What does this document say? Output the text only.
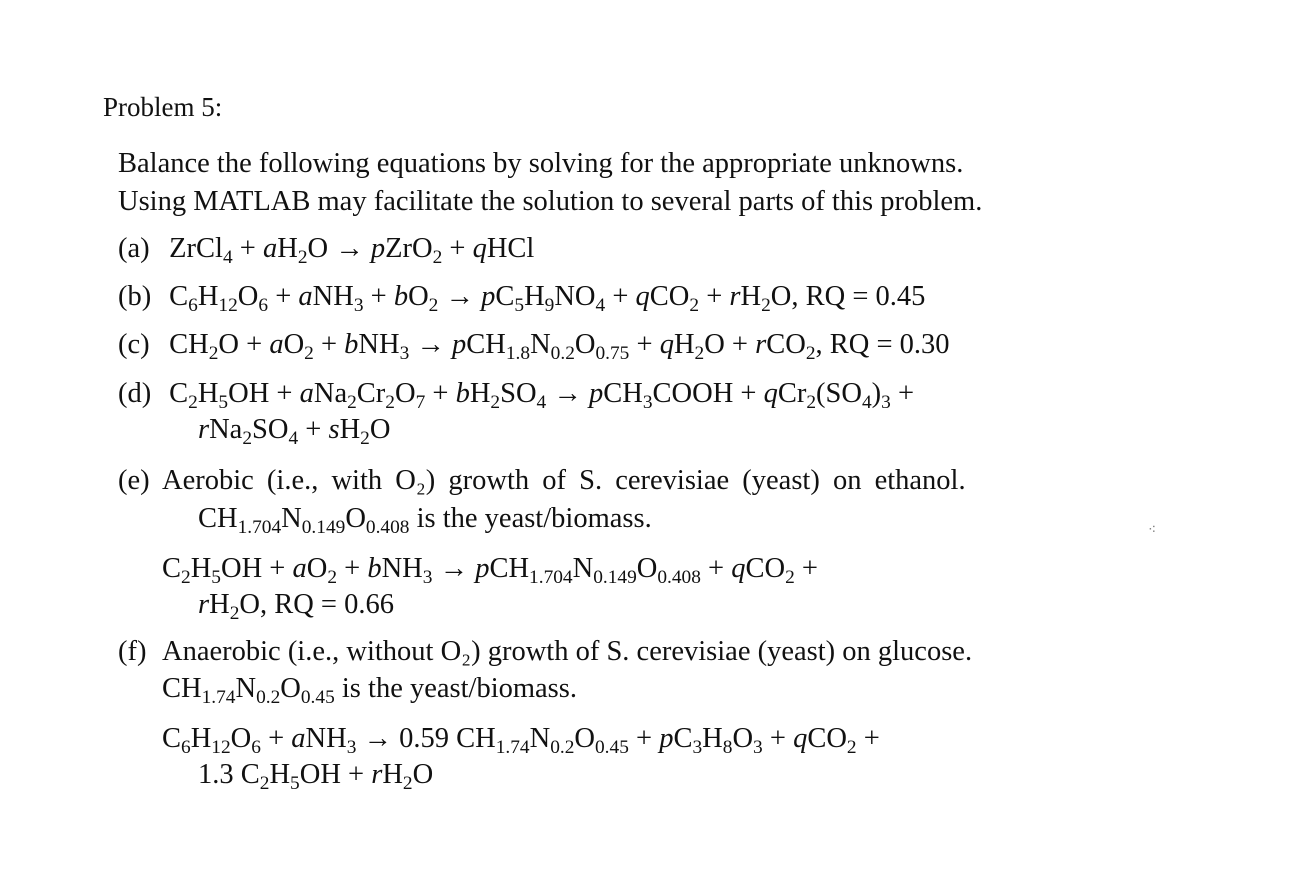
Problem 5:
Balance the following equations by solving for the appropriate unknowns.
Using MATLAB may facilitate the solution to several parts of this problem.
(a) ZrCl$_4$ + $aH_2O$ → pZrO$_2$ + qHCl
(b) $C_6H_{12}O_6 + aNH_3 + bO_2 \to pC_5H_9NO_4 + qCO_2 + rH_2O$, RQ = 0.45
(c) $CH_2O + aO_2 + bNH_3 \to pCH_{1.8}N_{0.2}O_{0.75} + qH_2O + rCO_2$, RQ = 0.30
(d) $C_2H_5OH + aNa_2Cr_2O_7 + bH_2SO_4$ → pCH$_3$COOH + $qCr_2(SO_4)_3$ +
$rNa_2SO_4 + sH_2O$
(e) Aerobic (i.e., with O₂) growth of S. cerevisiae (yeast) on ethanol.
$CH_{1.704}N_{0.149}O_{0.408}$ is the yeast/biomass.	⁖
$C_2H_5OH + aO_2 + bNH_3 \to pCH_{1.704}N_{0.149}O_{0.408} + qCO_2$ +
$rH_2O$, RQ = 0.66
(f) Anaerobic (i.e., without O₂) growth of S. cerevisiae (yeast) on glucose.
$CH_{1.74}N_{0.2}O_{0.45}$ is the yeast/biomass.
$C_6H_{12}O_6 + aNH_3 \to 0.59$ $CH_{1.74}N_{0.2}O_{0.45} + pC_3H_8O_3 + qCO_2$ +
1.3 $C_2H_5OH + rH_2O$
